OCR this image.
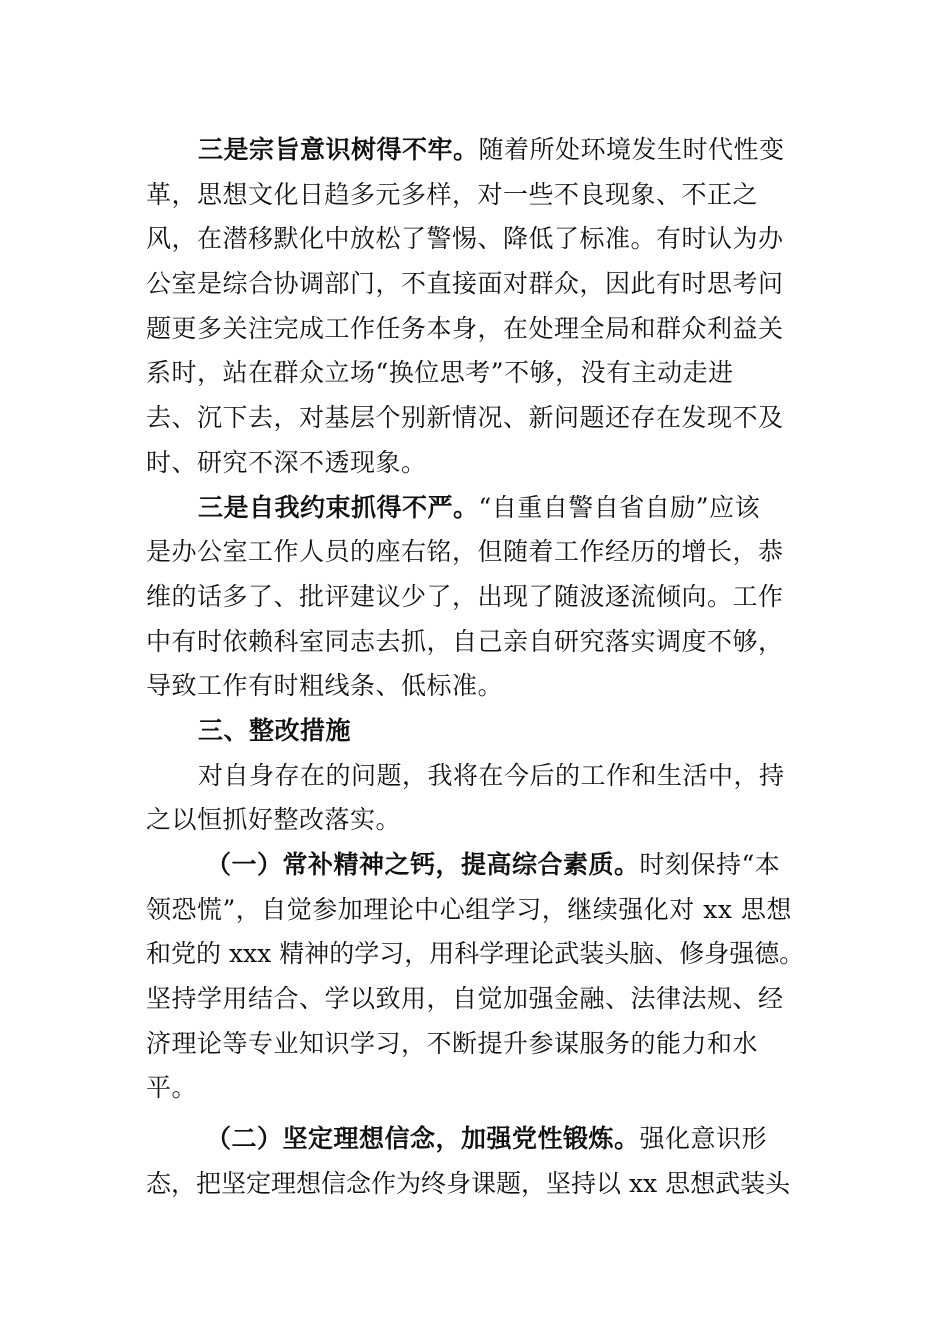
三是宗旨意识树得不牢。随着所处环境发生时代性变
革，思想文化日趋多元多样，对一些不良现象、不正之
风，在潜移默化中放松了警惕、降低了标准。有时认为办
公室是综合协调部门，不直接面对群众，因此有时思考问
题更多关注完成工作任务本身，在处理全局和群众利益关
系时，站在群众立场“换位思考”不够，没有主动走进
去、沉下去，对基层个别新情况、新问题还存在发现不及
时、研究不深不透现象。
三是自我约束抓得不严。“自重自警自省自励”应该
是办公室工作人员的座右铭，但随着工作经历的增长，恭
维的话多了、批评建议少了，出现了随波逐流倾向。工作
中有时依赖科室同志去抓，自己亲自研究落实调度不够，
导致工作有时粗线条、低标准。
三、整改措施
对自身存在的问题，我将在今后的工作和生活中，持
之以恒抓好整改落实。
（一）常补精神之钙，提高综合素质。时刻保持“本
领恐慌”，自觉参加理论中心组学习，继续强化对 xx 思想
和党的 xxx 精神的学习，用科学理论武装头脑、修身强德。
坚持学用结合、学以致用，自觉加强金融、法律法规、经
济理论等专业知识学习，不断提升参谋服务的能力和水
平。
（二）坚定理想信念，加强党性锻炼。强化意识形
态，把坚定理想信念作为终身课题，坚持以 xx 思想武装头
